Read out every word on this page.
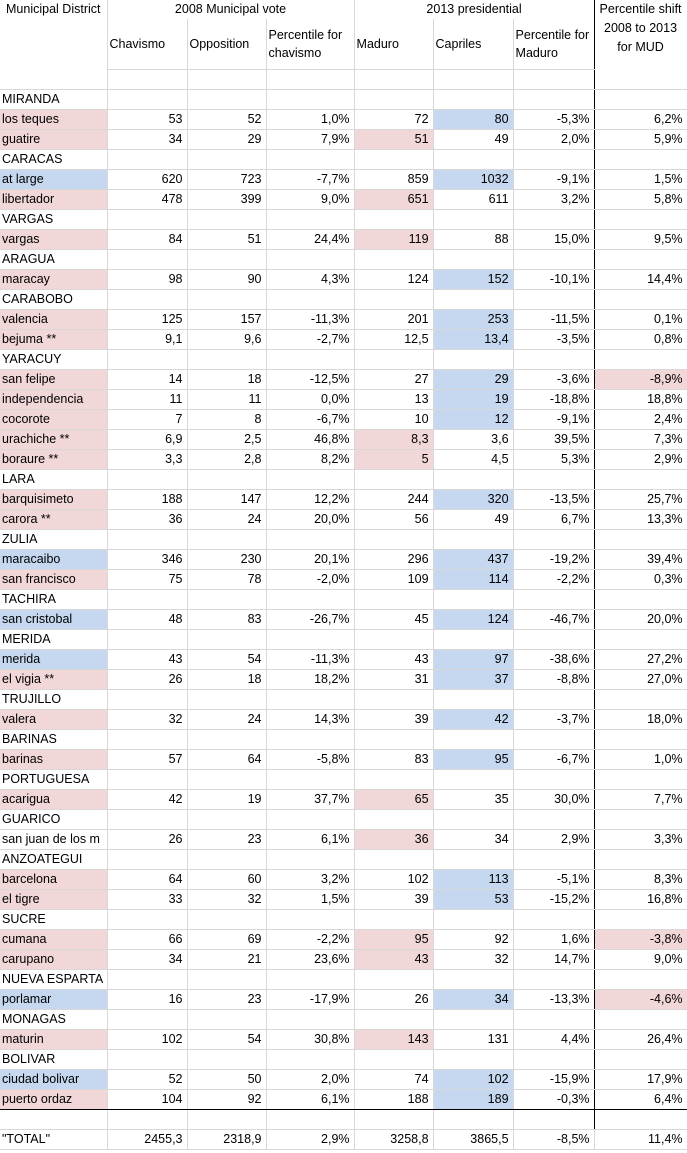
Municipal District	2008 Municipal vote			2013 presidential			Percentile shift 2008 to 2013 for MUD
	Chavismo	Opposition	Percentile for chavismo	Maduro	Capriles	Percentile for Maduro	

MIRANDA							
los teques	53	52	1,0%	72	80	-5,3%	6,2%
guatire	34	29	7,9%	51	49	2,0%	5,9%
CARACAS							
at large	620	723	-7,7%	859	1032	-9,1%	1,5%
libertador	478	399	9,0%	651	611	3,2%	5,8%
VARGAS							
vargas	84	51	24,4%	119	88	15,0%	9,5%
ARAGUA							
maracay	98	90	4,3%	124	152	-10,1%	14,4%
CARABOBO							
valencia	125	157	-11,3%	201	253	-11,5%	0,1%
bejuma **	9,1	9,6	-2,7%	12,5	13,4	-3,5%	0,8%
YARACUY							
san felipe	14	18	-12,5%	27	29	-3,6%	-8,9%
independencia	11	11	0,0%	13	19	-18,8%	18,8%
cocorote	7	8	-6,7%	10	12	-9,1%	2,4%
urachiche **	6,9	2,5	46,8%	8,3	3,6	39,5%	7,3%
boraure **	3,3	2,8	8,2%	5	4,5	5,3%	2,9%
LARA							
barquisimeto	188	147	12,2%	244	320	-13,5%	25,7%
carora **	36	24	20,0%	56	49	6,7%	13,3%
ZULIA							
maracaibo	346	230	20,1%	296	437	-19,2%	39,4%
san francisco	75	78	-2,0%	109	114	-2,2%	0,3%
TACHIRA							
san cristobal	48	83	-26,7%	45	124	-46,7%	20,0%
MERIDA							
merida	43	54	-11,3%	43	97	-38,6%	27,2%
el vigia **	26	18	18,2%	31	37	-8,8%	27,0%
TRUJILLO							
valera	32	24	14,3%	39	42	-3,7%	18,0%
BARINAS							
barinas	57	64	-5,8%	83	95	-6,7%	1,0%
PORTUGUESA							
acarigua	42	19	37,7%	65	35	30,0%	7,7%
GUARICO							
san juan de los m	26	23	6,1%	36	34	2,9%	3,3%
ANZOATEGUI							
barcelona	64	60	3,2%	102	113	-5,1%	8,3%
el tigre	33	32	1,5%	39	53	-15,2%	16,8%
SUCRE							
cumana	66	69	-2,2%	95	92	1,6%	-3,8%
carupano	34	21	23,6%	43	32	14,7%	9,0%
NUEVA ESPARTA							
porlamar	16	23	-17,9%	26	34	-13,3%	-4,6%
MONAGAS							
maturin	102	54	30,8%	143	131	4,4%	26,4%
BOLIVAR							
ciudad bolivar	52	50	2,0%	74	102	-15,9%	17,9%
puerto ordaz	104	92	6,1%	188	189	-0,3%	6,4%

"TOTAL"	2455,3	2318,9	2,9%	3258,8	3865,5	-8,5%	11,4%
